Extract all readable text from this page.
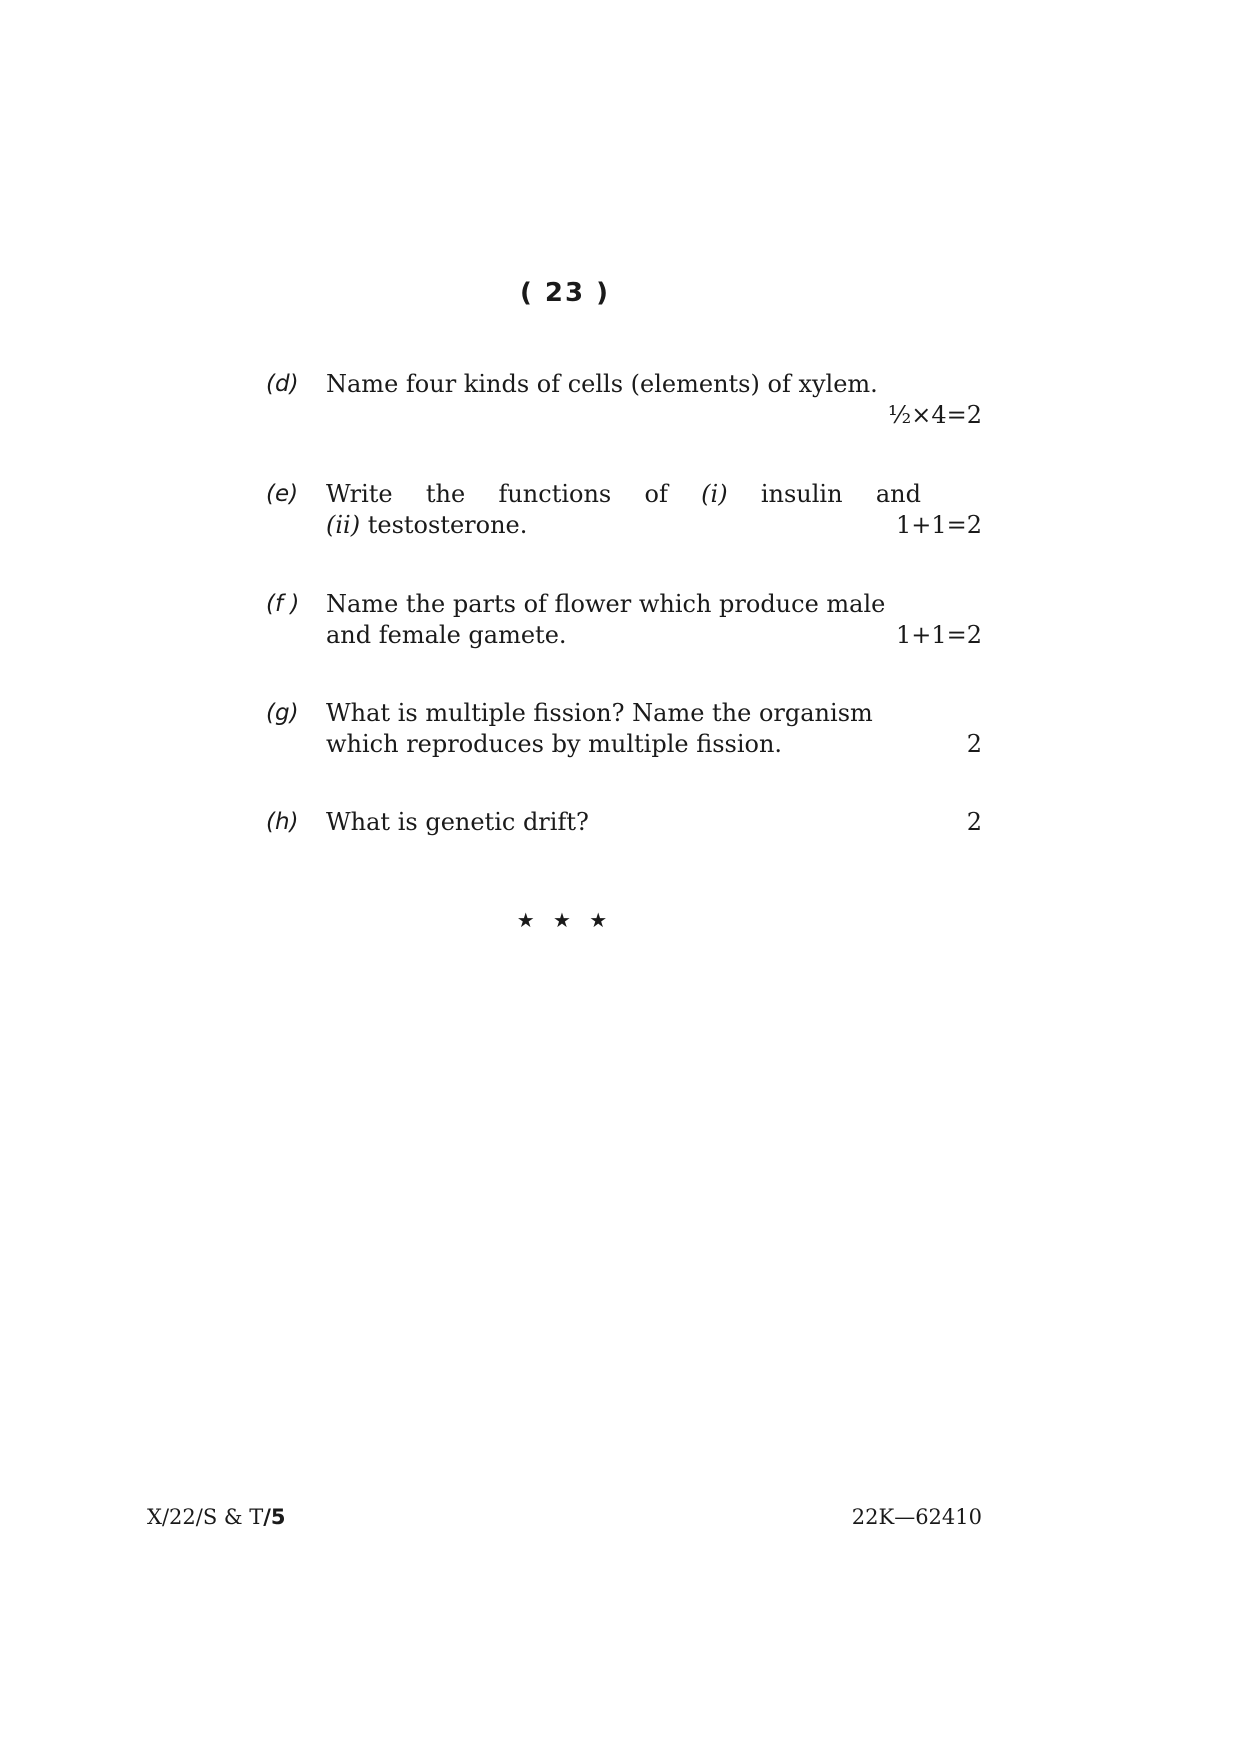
( 23 )
(d) Name four kinds of cells (elements) of xylem.
½×4=2
(e) Write the functions of (i) insulin and
(ii) testosterone.	1+1=2
(f ) Name the parts of flower which produce male
and female gamete.	1+1=2
(g) What is multiple fission? Name the organism
which reproduces by multiple fission.	2
(h) What is genetic drift?	2
★ ★ ★
X/22/S & T/5	22K—62410
